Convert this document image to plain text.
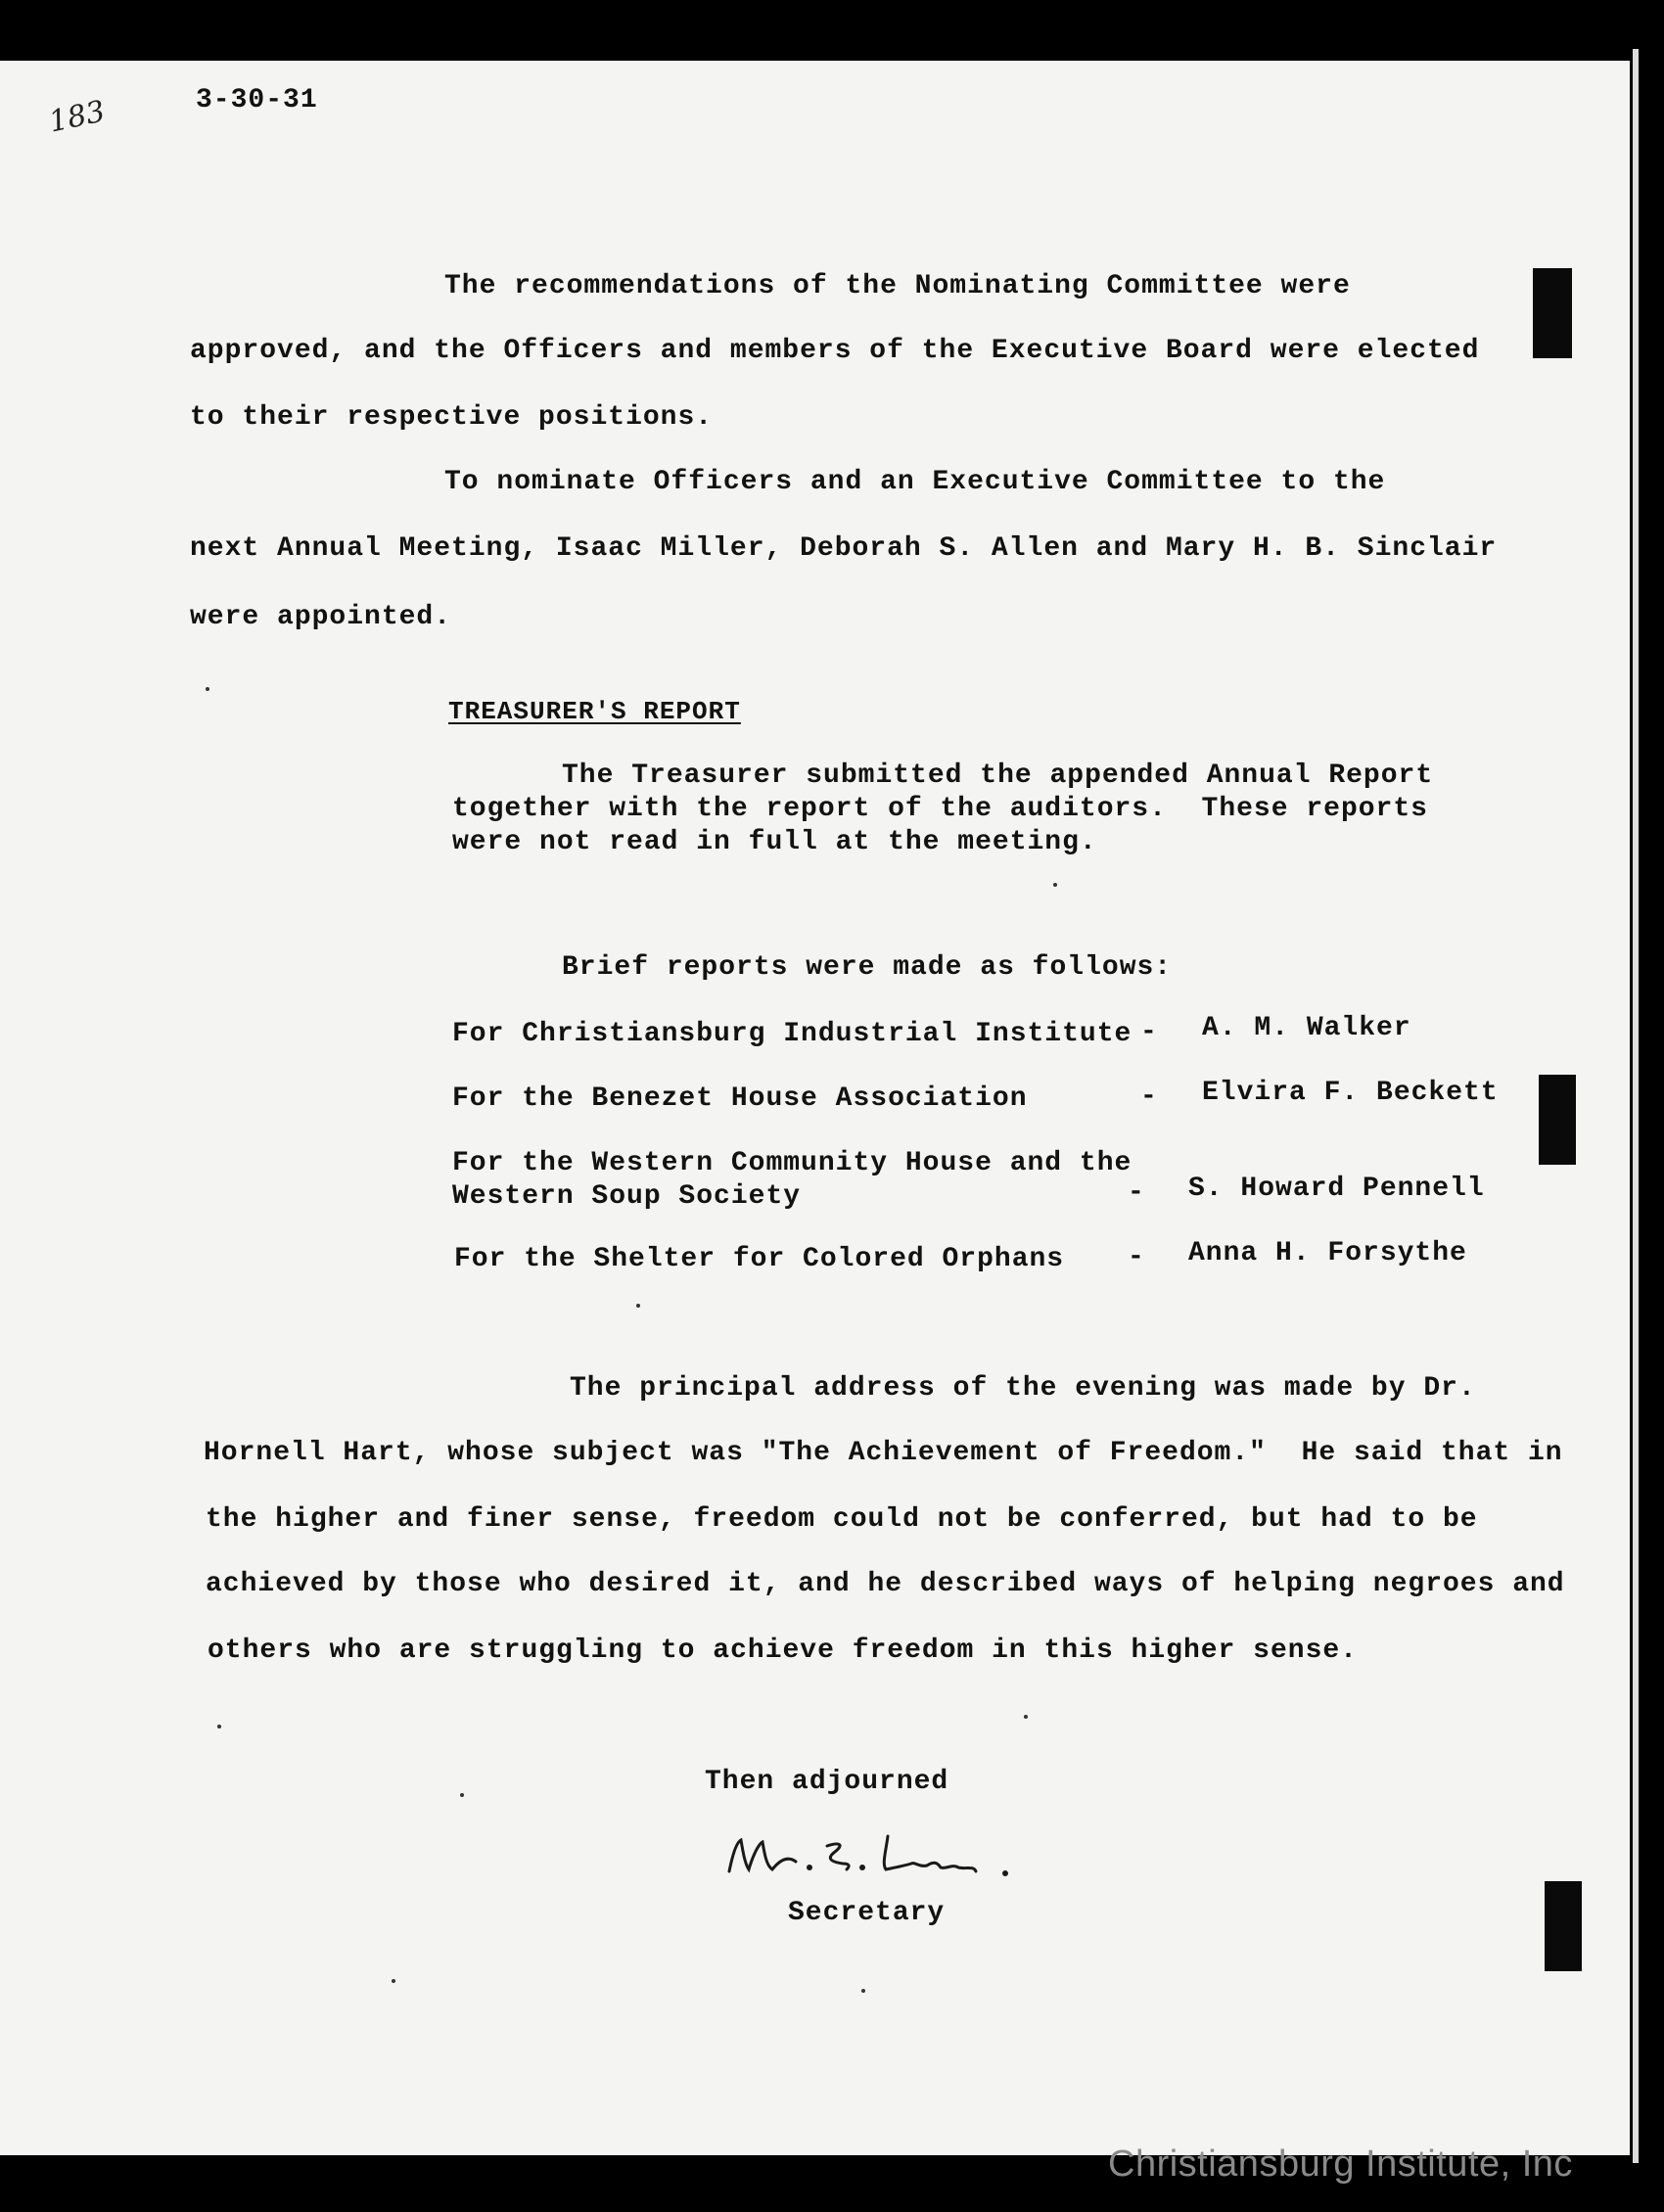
183	3-30-31
The recommendations of the Nominating Committee were
approved, and the Officers and members of the Executive Board were elected
to their respective positions.
To nominate Officers and an Executive Committee to the
next Annual Meeting, Isaac Miller, Deborah S. Allen and Mary H. B. Sinclair
were appointed.
TREASURER'S REPORT
The Treasurer submitted the appended Annual Report
together with the report of the auditors.  These reports
were not read in full at the meeting.
Brief reports were made as follows:
For Christiansburg Industrial Institute - A. M. Walker
For the Benezet House Association	- Elvira F. Beckett
For the Western Community House and the
Western Soup Society	- S. Howard Pennell
For the Shelter for Colored Orphans - Anna H. Forsythe
The principal address of the evening was made by Dr.
Hornell Hart, whose subject was "The Achievement of Freedom."  He said that in
the higher and finer sense, freedom could not be conferred, but had to be
achieved by those who desired it, and he described ways of helping negroes and
others who are struggling to achieve freedom in this higher sense.
Then adjourned
Secretary
Christiansburg Institute, Inc
